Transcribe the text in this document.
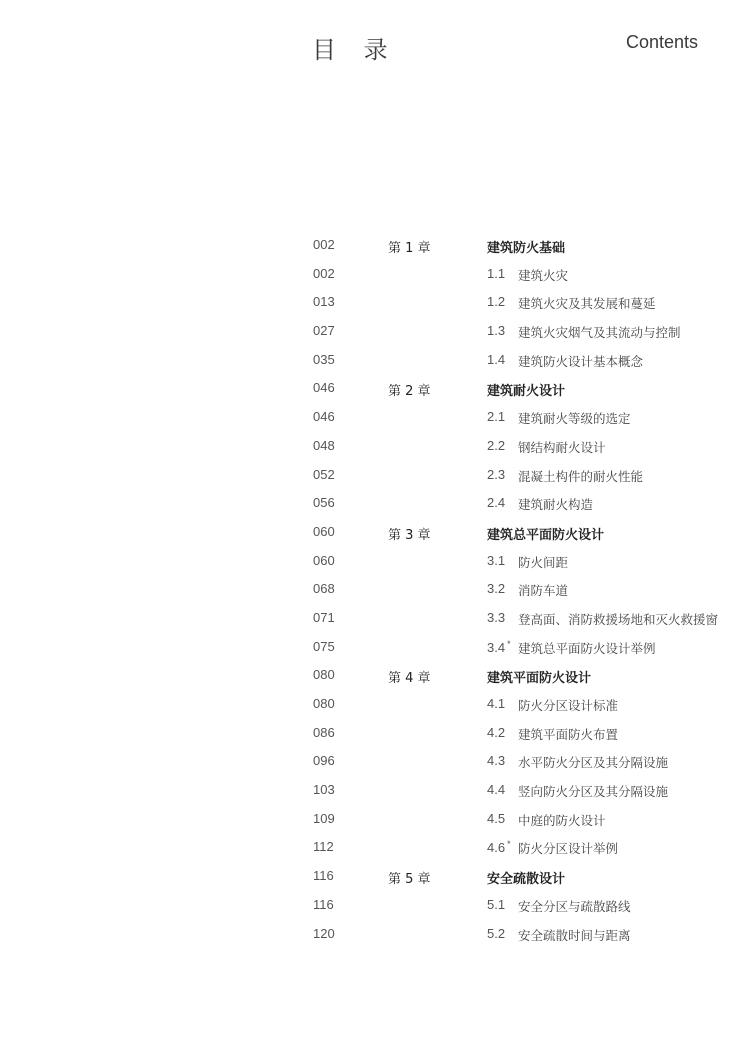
目 录	Contents
002	第 1 章	建筑防火基础
002	1.1 建筑火灾
013	1.2 建筑火灾及其发展和蔓延
027	1.3 建筑火灾烟气及其流动与控制
035	1.4 建筑防火设计基本概念
046	第 2 章	建筑耐火设计
046	2.1 建筑耐火等级的选定
048	2.2 钢结构耐火设计
052	2.3 混凝土构件的耐火性能
056	2.4 建筑耐火构造
060	第 3 章	建筑总平面防火设计
060	3.1 防火间距
068	3.2 消防车道
071	3.3 登高面、消防救援场地和灭火救援窗
075	3.4 * 建筑总平面防火设计举例
080	第 4 章	建筑平面防火设计
080	4.1 防火分区设计标准
086	4.2 建筑平面防火布置
096	4.3 水平防火分区及其分隔设施
103	4.4 竖向防火分区及其分隔设施
109	4.5 中庭的防火设计
112	4.6 * 防火分区设计举例
116	第 5 章	安全疏散设计
116	5.1 安全分区与疏散路线
120	5.2 安全疏散时间与距离
